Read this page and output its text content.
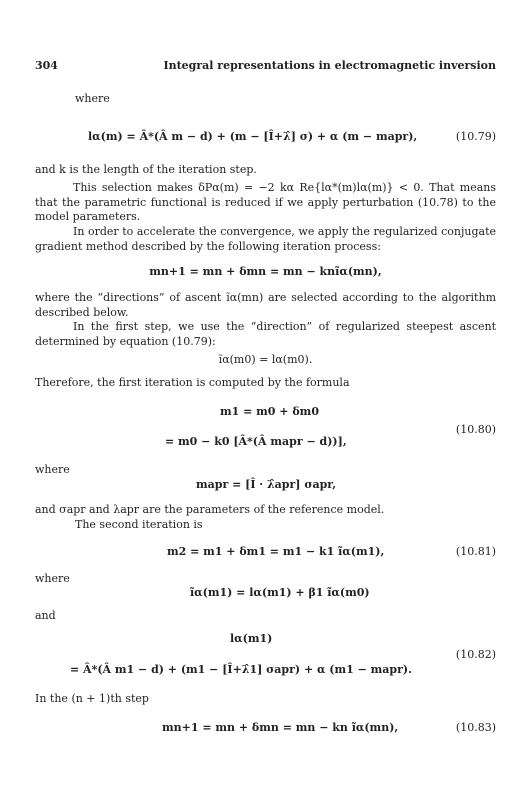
304	Integral representations in electromagnetic inversion
where
lα(m) = Â*(Â m − d) + (m − [Î+λ̂] σ) + α (m − mapr),	(10.79)
and k is the length of the iteration step.
This selection makes δPα(m) = −2 kα Re{lα*(m)lα(m)} < 0. That means that the parametric functional is reduced if we apply perturbation (10.78) to the model parameters.
In order to accelerate the convergence, we apply the regularized conjugate gradient method described by the following iteration process:
mn+1 = mn + δmn = mn − knĩα(mn),
where the “directions” of ascent ĩα(mn) are selected according to the algorithm described below.
In the first step, we use the “direction” of regularized steepest ascent determined by equation (10.79):
ĩα(m0) = lα(m0).
Therefore, the first iteration is computed by the formula
m1 = m0 + δm0
= m0 − k0 [Â*(Â mapr − d))],
(10.80)
where
mapr = [Î · λ̂apr] σapr,
and σapr and λapr are the parameters of the reference model.
The second iteration is
m2 = m1 + δm1 = m1 − k1 ĩα(m1),	(10.81)
where
ĩα(m1) = lα(m1) + β1 ĩα(m0)
and
lα(m1)
= Â*(Â m1 − d) + (m1 − [Î+λ̂1] σapr) + α (m1 − mapr).
(10.82)
In the (n + 1)th step
mn+1 = mn + δmn = mn − kn ĩα(mn),	(10.83)
